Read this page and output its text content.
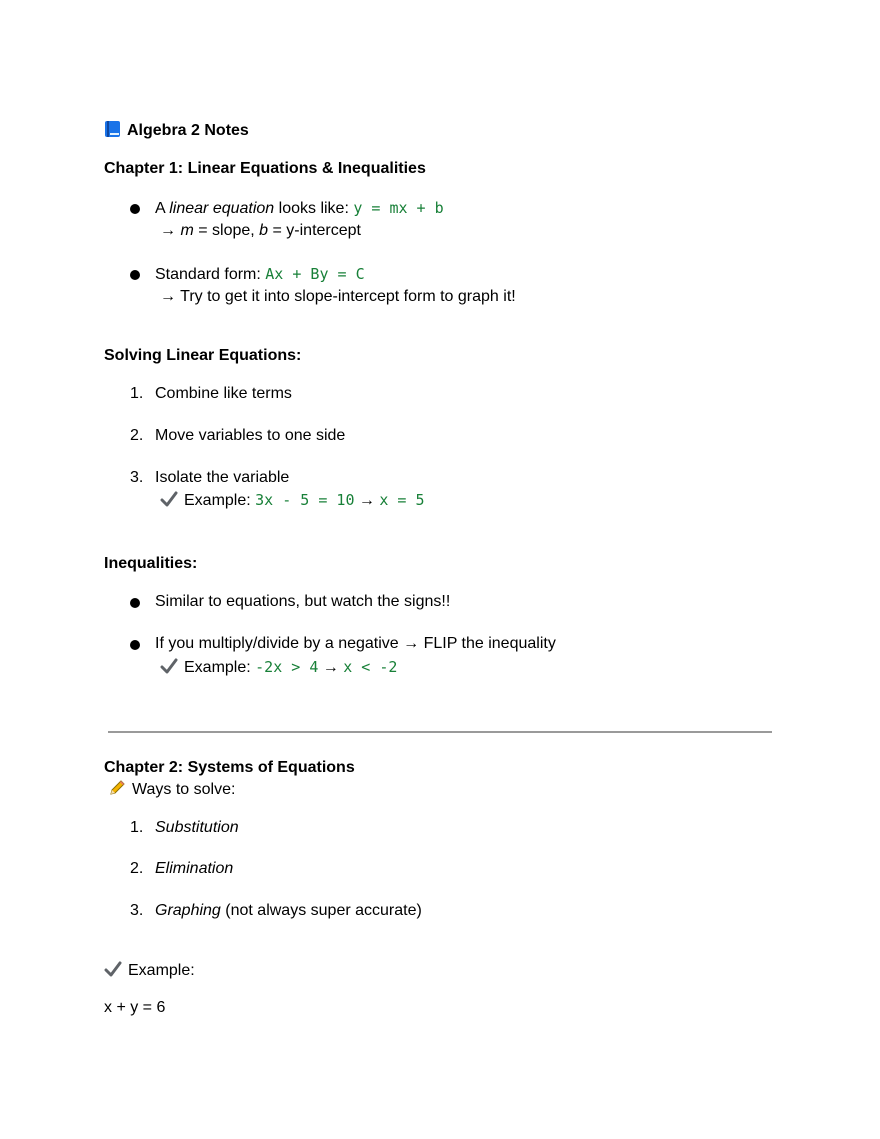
Algebra 2 Notes
Chapter 1: Linear Equations & Inequalities
A linear equation looks like: y = mx + b
→ m = slope, b = y-intercept
Standard form: Ax + By = C
→ Try to get it into slope-intercept form to graph it!
Solving Linear Equations:
1. Combine like terms
2. Move variables to one side
3. Isolate the variable
Example: 3x - 5 = 10 → x = 5
Inequalities:
Similar to equations, but watch the signs!!
If you multiply/divide by a negative → FLIP the inequality
Example: -2x > 4 → x < -2
Chapter 2: Systems of Equations
Ways to solve:
1. Substitution
2. Elimination
3. Graphing (not always super accurate)
Example:
x + y = 6
